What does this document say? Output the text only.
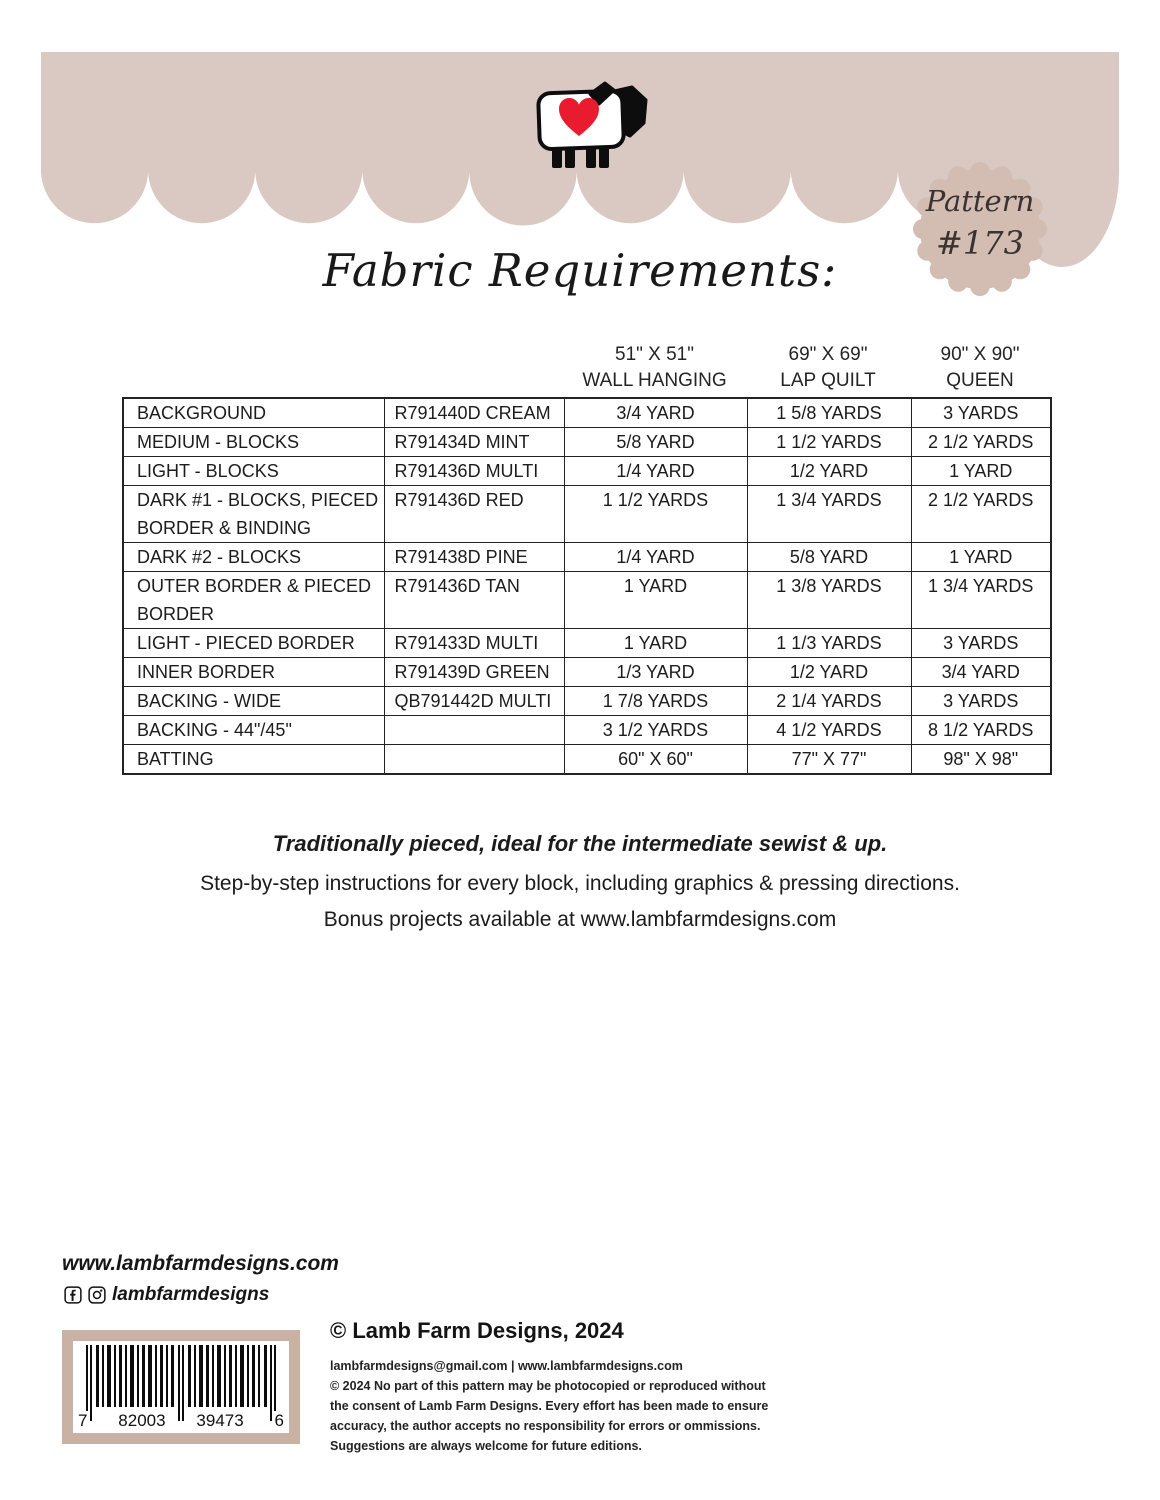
Pattern
#173
Fabric Requirements:
51" X 51"	69" X 69"	90" X 90"
WALL HANGING	LAP QUILT	QUEEN
BACKGROUND	R791440D CREAM	3/4 YARD	1 5/8 YARDS	3 YARDS
MEDIUM - BLOCKS	R791434D MINT	5/8 YARD	1 1/2 YARDS	2 1/2 YARDS
LIGHT - BLOCKS	R791436D MULTI	1/4 YARD	1/2 YARD	1 YARD
DARK #1 - BLOCKS, PIECED BORDER & BINDING	R791436D RED	1 1/2 YARDS	1 3/4 YARDS	2 1/2 YARDS
DARK #2 - BLOCKS	R791438D PINE	1/4 YARD	5/8 YARD	1 YARD
OUTER BORDER & PIECED BORDER	R791436D TAN	1 YARD	1 3/8 YARDS	1 3/4 YARDS
LIGHT - PIECED BORDER	R791433D MULTI	1 YARD	1 1/3 YARDS	3 YARDS
INNER BORDER	R791439D GREEN	1/3 YARD	1/2 YARD	3/4 YARD
BACKING - WIDE	QB791442D MULTI	1 7/8 YARDS	2 1/4 YARDS	3 YARDS
BACKING - 44"/45"		3 1/2 YARDS	4 1/2 YARDS	8 1/2 YARDS
BATTING		60" X 60"	77" X 77"	98" X 98"
Traditionally pieced, ideal for the intermediate sewist & up.
Step-by-step instructions for every block, including graphics & pressing directions.
Bonus projects available at www.lambfarmdesigns.com
www.lambfarmdesigns.com
lambfarmdesigns
7 82003 39473 6
© Lamb Farm Designs, 2024
lambfarmdesigns@gmail.com | www.lambfarmdesigns.com
© 2024 No part of this pattern may be photocopied or reproduced without
the consent of Lamb Farm Designs. Every effort has been made to ensure
accuracy, the author accepts no responsibility for errors or ommissions.
Suggestions are always welcome for future editions.
